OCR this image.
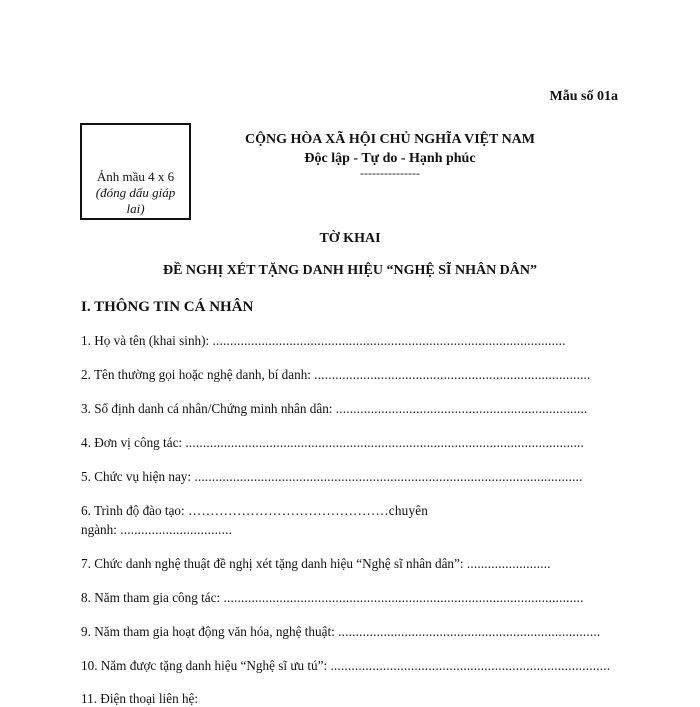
Mẫu số 01a
Ảnh mầu 4 x 6
(đóng dấu giáp
lai)
CỘNG HÒA XÃ HỘI CHỦ NGHĨA VIỆT NAM
Độc lập - Tự do - Hạnh phúc
---------------
TỜ KHAI
ĐỀ NGHỊ XÉT TẶNG DANH HIỆU “NGHỆ SĨ NHÂN DÂN”
I. THÔNG TIN CÁ NHÂN
1. Họ và tên (khai sinh): .....................................................................................................
2. Tên thường gọi hoặc nghệ danh, bí danh: ...............................................................................
3. Số định danh cá nhân/Chứng minh nhân dân: ........................................................................
4. Đơn vị công tác: ..................................................................................................................
5. Chức vụ hiện nay: ...............................................................................................................
6. Trình độ đào tạo: ………………………………………chuyên
ngành: ................................
7. Chức danh nghệ thuật đề nghị xét tặng danh hiệu “Nghệ sĩ nhân dân”: ........................
8. Năm tham gia công tác: .......................................................................................................
9. Năm tham gia hoạt động văn hóa, nghệ thuật: ...........................................................................
10. Năm được tặng danh hiệu “Nghệ sĩ ưu tú”: ................................................................................
11. Điện thoại liên hệ:
